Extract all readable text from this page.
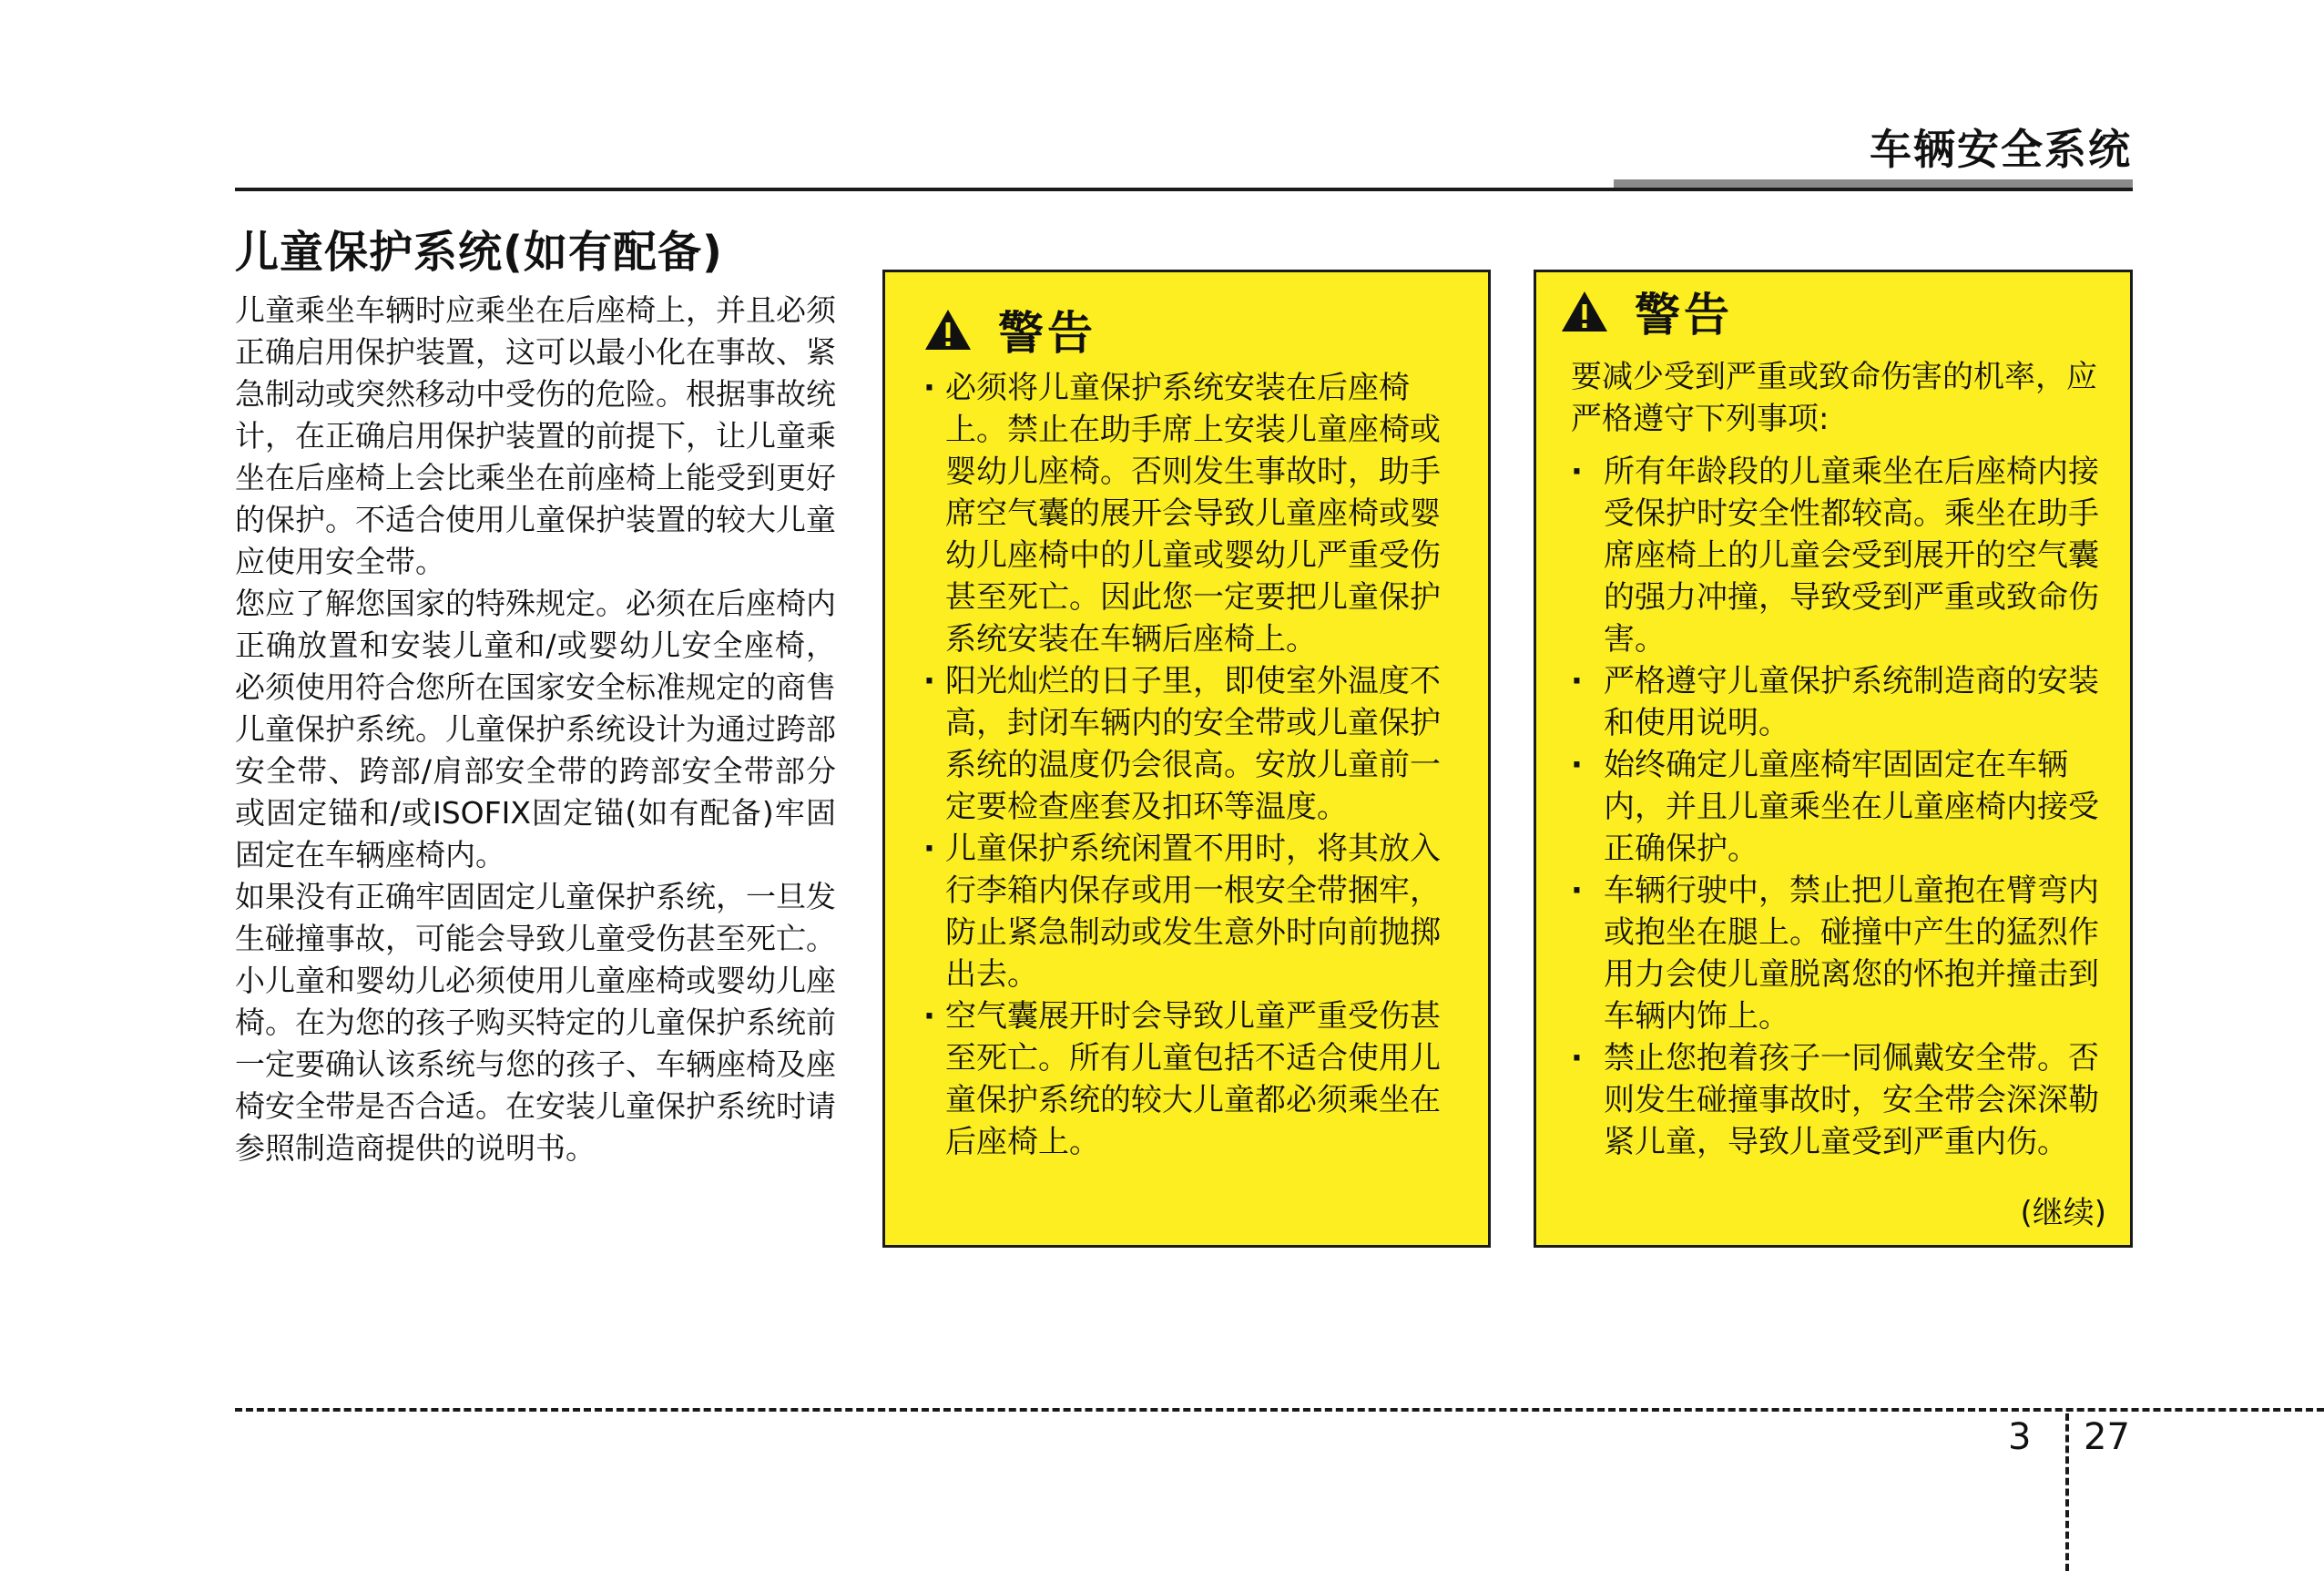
车辆安全系统
儿童保护系统(如有配备)

儿童乘坐车辆时应乘坐在后座椅上，并且必须正确启用保护装置，这可以最小化在事故、紧急制动或突然移动中受伤的危险。根据事故统计，在正确启用保护装置的前提下，让儿童乘坐在后座椅上会比乘坐在前座椅上能受到更好的保护。不适合使用儿童保护装置的较大儿童应使用安全带。

您应了解您国家的特殊规定。必须在后座椅内正确放置和安装儿童和/或婴幼儿安全座椅，必须使用符合您所在国家安全标准规定的商售儿童保护系统。儿童保护系统设计为通过跨部安全带、跨部/肩部安全带的跨部安全带部分或固定锚和/或ISOFIX固定锚(如有配备)牢固固定在车辆座椅内。

如果没有正确牢固固定儿童保护系统，一旦发生碰撞事故，可能会导致儿童受伤甚至死亡。小儿童和婴幼儿必须使用儿童座椅或婴幼儿座椅。在为您的孩子购买特定的儿童保护系统前一定要确认该系统与您的孩子、车辆座椅及座椅安全带是否合适。在安装儿童保护系统时请参照制造商提供的说明书。

警告
· 必须将儿童保护系统安装在后座椅上。禁止在助手席上安装儿童座椅或婴幼儿座椅。否则发生事故时，助手席空气囊的展开会导致儿童座椅或婴幼儿座椅中的儿童或婴幼儿严重受伤甚至死亡。因此您一定要把儿童保护系统安装在车辆后座椅上。
· 阳光灿烂的日子里，即使室外温度不高，封闭车辆内的安全带或儿童保护系统的温度仍会很高。安放儿童前一定要检查座套及扣环等温度。
· 儿童保护系统闲置不用时，将其放入行李箱内保存或用一根安全带捆牢，防止紧急制动或发生意外时向前抛掷出去。
· 空气囊展开时会导致儿童严重受伤甚至死亡。所有儿童包括不适合使用儿童保护系统的较大儿童都必须乘坐在后座椅上。
警告

要减少受到严重或致命伤害的机率，应严格遵守下列事项:

· 所有年龄段的儿童乘坐在后座椅内接受保护时安全性都较高。乘坐在助手席座椅上的儿童会受到展开的空气囊的强力冲撞，导致受到严重或致命伤害。
· 严格遵守儿童保护系统制造商的安装和使用说明。
· 始终确定儿童座椅牢固固定在车辆内，并且儿童乘坐在儿童座椅内接受正确保护。
· 车辆行驶中，禁止把儿童抱在臂弯内或抱坐在腿上。碰撞中产生的猛烈作用力会使儿童脱离您的怀抱并撞击到车辆内饰上。
· 禁止您抱着孩子一同佩戴安全带。否则发生碰撞事故时，安全带会深深勒紧儿童，导致儿童受到严重内伤。
(继续)
3 27
